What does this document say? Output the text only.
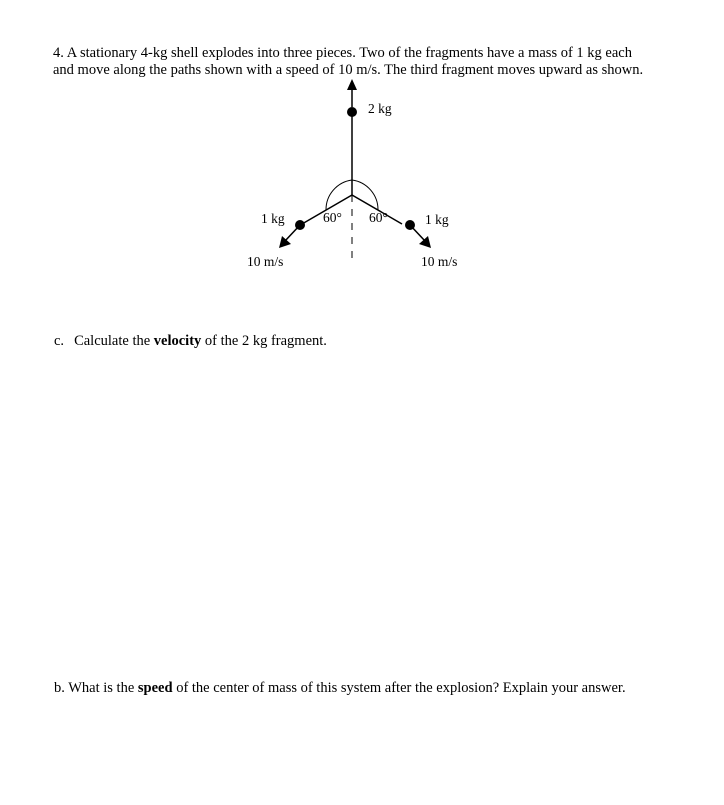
4. A stationary 4-kg shell explodes into three pieces. Two of the fragments have a mass of 1 kg each
and move along the paths shown with a speed of 10 m/s. The third fragment moves upward as shown.
2 kg
1 kg	1 kg
60° 60°
10 m/s	10 m/s
c. Calculate the velocity of the 2 kg fragment.
b. What is the speed of the center of mass of this system after the explosion? Explain your answer.
